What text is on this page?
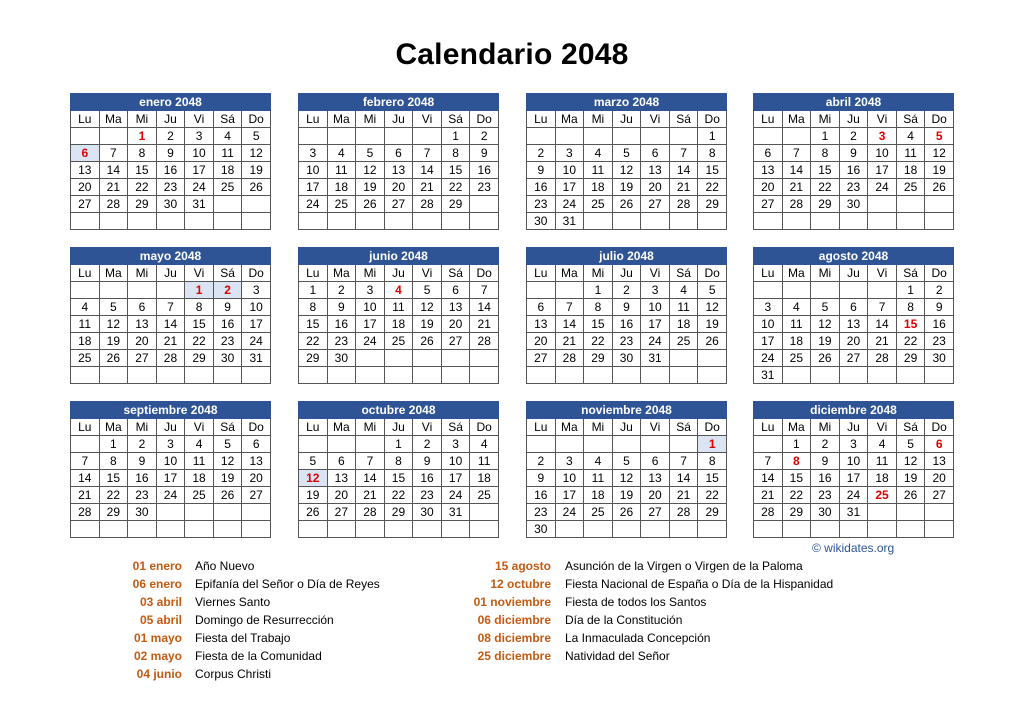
Calendario 2048
enero 2048						
Lu	Ma	Mi	Ju	Vi	Sá	Do
		1	2	3	4	5
6	7	8	9	10	11	12
13	14	15	16	17	18	19
20	21	22	23	24	25	26
27	28	29	30	31		

febrero 2048						
Lu	Ma	Mi	Ju	Vi	Sá	Do
					1	2
3	4	5	6	7	8	9
10	11	12	13	14	15	16
17	18	19	20	21	22	23
24	25	26	27	28	29	

marzo 2048						
Lu	Ma	Mi	Ju	Vi	Sá	Do
						1
2	3	4	5	6	7	8
9	10	11	12	13	14	15
16	17	18	19	20	21	22
23	24	25	26	27	28	29
30	31					
abril 2048						
Lu	Ma	Mi	Ju	Vi	Sá	Do
		1	2	3	4	5
6	7	8	9	10	11	12
13	14	15	16	17	18	19
20	21	22	23	24	25	26
27	28	29	30			

mayo 2048						
Lu	Ma	Mi	Ju	Vi	Sá	Do
				1	2	3
4	5	6	7	8	9	10
11	12	13	14	15	16	17
18	19	20	21	22	23	24
25	26	27	28	29	30	31

junio 2048						
Lu	Ma	Mi	Ju	Vi	Sá	Do
1	2	3	4	5	6	7
8	9	10	11	12	13	14
15	16	17	18	19	20	21
22	23	24	25	26	27	28
29	30					

julio 2048						
Lu	Ma	Mi	Ju	Vi	Sá	Do
		1	2	3	4	5
6	7	8	9	10	11	12
13	14	15	16	17	18	19
20	21	22	23	24	25	26
27	28	29	30	31		

agosto 2048						
Lu	Ma	Mi	Ju	Vi	Sá	Do
					1	2
3	4	5	6	7	8	9
10	11	12	13	14	15	16
17	18	19	20	21	22	23
24	25	26	27	28	29	30
31						
septiembre 2048						
Lu	Ma	Mi	Ju	Vi	Sá	Do
	1	2	3	4	5	6
7	8	9	10	11	12	13
14	15	16	17	18	19	20
21	22	23	24	25	26	27
28	29	30				

octubre 2048						
Lu	Ma	Mi	Ju	Vi	Sá	Do
			1	2	3	4
5	6	7	8	9	10	11
12	13	14	15	16	17	18
19	20	21	22	23	24	25
26	27	28	29	30	31	

noviembre 2048						
Lu	Ma	Mi	Ju	Vi	Sá	Do
						1
2	3	4	5	6	7	8
9	10	11	12	13	14	15
16	17	18	19	20	21	22
23	24	25	26	27	28	29
30						
diciembre 2048						
Lu	Ma	Mi	Ju	Vi	Sá	Do
	1	2	3	4	5	6
7	8	9	10	11	12	13
14	15	16	17	18	19	20
21	22	23	24	25	26	27
28	29	30	31			

© wikidates.org
01 enero Año Nuevo
06 enero Epifanía del Señor o Día de Reyes
03 abril Viernes Santo
05 abril Domingo de Resurrección
01 mayo Fiesta del Trabajo
02 mayo Fiesta de la Comunidad
04 junio Corpus Christi
15 agosto Asunción de la Virgen o Virgen de la Paloma
12 octubre Fiesta Nacional de España o Día de la Hispanidad
01 noviembre Fiesta de todos los Santos
06 diciembre Día de la Constitución
08 diciembre La Inmaculada Concepción
25 diciembre Natividad del Señor
